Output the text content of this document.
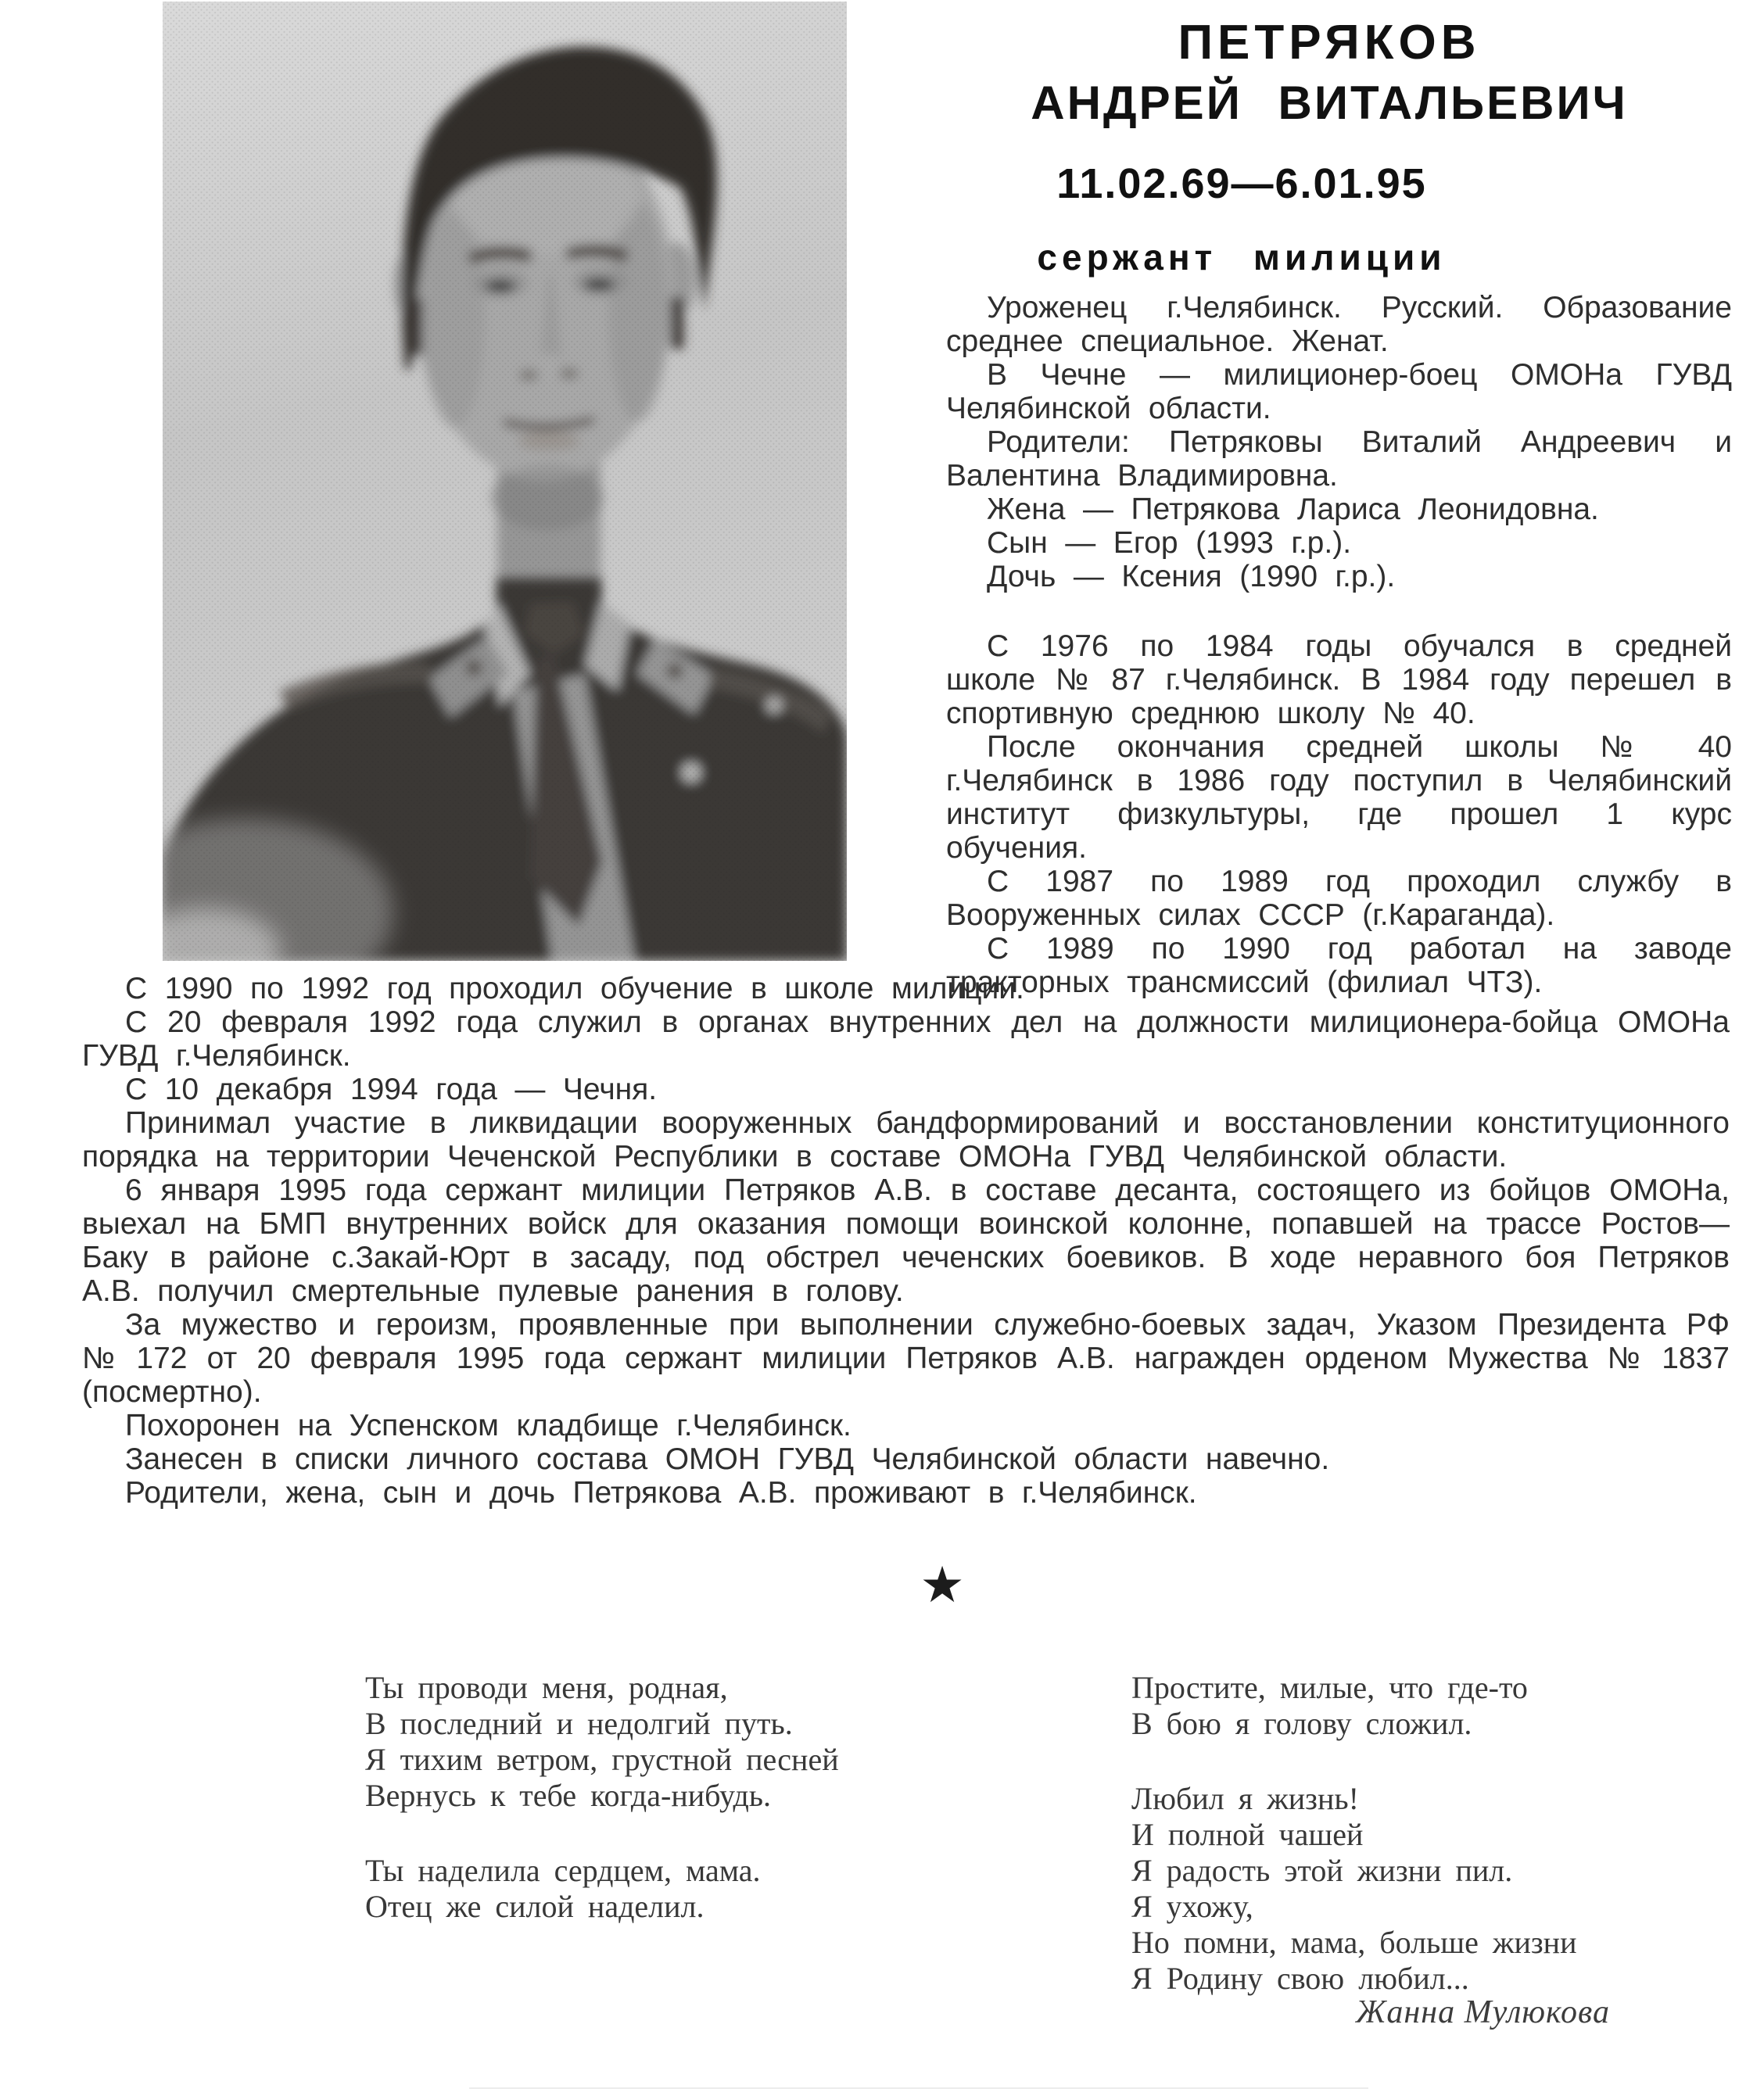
ПЕТРЯКОВ
АНДРЕЙ ВИТАЛЬЕВИЧ
11.02.69—6.01.95
сержант милиции

Уроженец г.Челябинск. Русский. Образование среднее специальное. Женат.

В Чечне — милиционер-боец ОМОНа ГУВД Челябинской области.

Родители: Петряковы Виталий Андреевич и Валентина Владимировна.

Жена — Петрякова Лариса Леонидовна.

Сын — Егор (1993 г.р.).

Дочь — Ксения (1990 г.р.).

С 1976 по 1984 годы обучался в средней школе № 87 г.Челябинск. В 1984 году перешел в спортивную среднюю школу № 40.

После окончания средней школы № 40 г.Челябинск в 1986 году поступил в Челябинский институт физкультуры, где прошел 1 курс обучения.

С 1987 по 1989 год проходил службу в Вооруженных силах СССР (г.Караганда).

С 1989 по 1990 год работал на заводе тракторных трансмиссий (филиал ЧТЗ).

С 1990 по 1992 год проходил обучение в школе милиции.

С 20 февраля 1992 года служил в органах внутренних дел на должности милиционера-бойца ОМОНа ГУВД г.Челябинск.

С 10 декабря 1994 года — Чечня.

Принимал участие в ликвидации вооруженных бандформирований и восстановлении конституционного порядка на территории Чеченской Республики в составе ОМОНа ГУВД Челябинской области.

6 января 1995 года сержант милиции Петряков А.В. в составе десанта, состоящего из бойцов ОМОНа, выехал на БМП внутренних войск для оказания помощи воинской колонне, попавшей на трассе Ростов—Баку в районе с.Закай-Юрт в засаду, под обстрел чеченских боевиков. В ходе неравного боя Петряков А.В. получил смертельные пулевые ранения в голову.

За мужество и героизм, проявленные при выполнении служебно-боевых задач, Указом Президента РФ № 172 от 20 февраля 1995 года сержант милиции Петряков А.В. награжден орденом Мужества № 1837 (посмертно).

Похоронен на Успенском кладбище г.Челябинск.

Занесен в списки личного состава ОМОН ГУВД Челябинской области навечно.

Родители, жена, сын и дочь Петрякова А.В. проживают в г.Челябинск.

★
Ты проводи меня, родная,
В последний и недолгий путь.
Я тихим ветром, грустной песней
Вернусь к тебе когда-нибудь.
Ты наделила сердцем, мама.
Отец же силой наделил.
Простите, милые, что где-то
В бою я голову сложил.
Любил я жизнь!
И полной чашей
Я радость этой жизни пил.
Я ухожу,
Но помни, мама, больше жизни
Я Родину свою любил...
Жанна Мулюкова
